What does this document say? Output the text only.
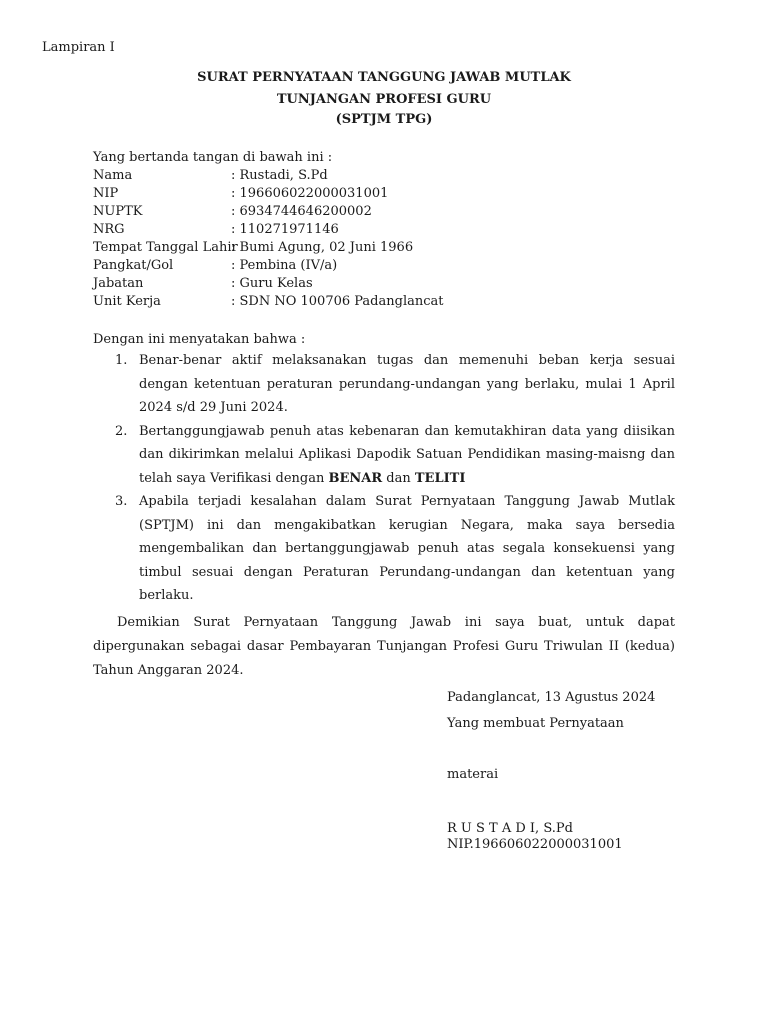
Lampiran I
SURAT PERNYATAAN TANGGUNG JAWAB MUTLAK
TUNJANGAN PROFESI GURU
(SPTJM TPG)
Yang bertanda tangan di bawah ini :
Nama	: Rustadi, S.Pd
NIP	: 196606022000031001
NUPTK	: 6934744646200002
NRG	: 110271971146
Tempat Tanggal Lahir: Bumi Agung, 02 Juni 1966
Pangkat/Gol	: Pembina (IV/a)
Jabatan	: Guru Kelas
Unit Kerja	: SDN NO 100706 Padanglancat
Dengan ini menyatakan bahwa :
1. Benar-benar aktif melaksanakan tugas dan memenuhi beban kerja sesuai dengan ketentuan peraturan perundang-undangan yang berlaku, mulai 1 April 2024 s/d 29 Juni 2024.
2. Bertanggungjawab penuh atas kebenaran dan kemutakhiran data yang diisikan dan dikirimkan melalui Aplikasi Dapodik Satuan Pendidikan masing-maisng dan telah saya Verifikasi dengan BENAR dan TELITI
3. Apabila terjadi kesalahan dalam Surat Pernyataan Tanggung Jawab Mutlak (SPTJM) ini dan mengakibatkan kerugian Negara, maka saya bersedia mengembalikan dan bertanggungjawab penuh atas segala konsekuensi yang timbul sesuai dengan Peraturan Perundang-undangan dan ketentuan yang berlaku.
Demikian Surat Pernyataan Tanggung Jawab ini saya buat, untuk dapat dipergunakan sebagai dasar Pembayaran Tunjangan Profesi Guru Triwulan II (kedua) Tahun Anggaran 2024.
Padanglancat, 13 Agustus 2024
Yang membuat Pernyataan
materai
R U S T A D I, S.Pd
NIP.196606022000031001
